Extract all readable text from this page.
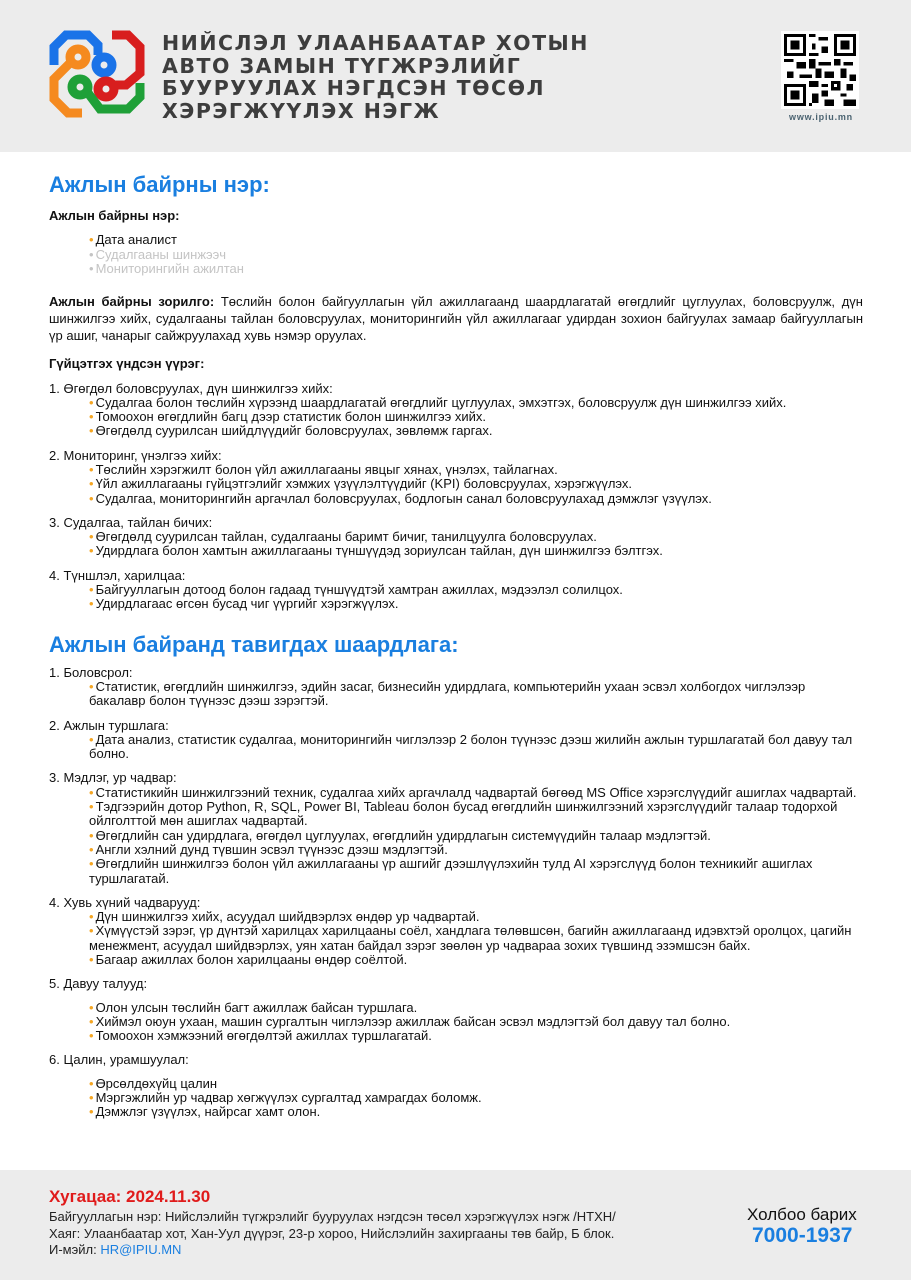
НИЙСЛЭЛ УЛААНБААТАР ХОТЫН
АВТО ЗАМЫН ТҮГЖРЭЛИЙГ
БУУРУУЛАХ НЭГДСЭН ТӨСӨЛ
ХЭРЭГЖҮҮЛЭХ НЭГЖ	www.ipiu.mn
Ажлын байрны нэр:
Ажлын байрны нэр:
• Дата аналист
• Судалгааны шинжээч
• Мониторингийн ажилтан
Ажлын байрны зорилго: Төслийн болон байгууллагын үйл ажиллагаанд шаардлагатай өгөгдлийг цуглуулах, боловсруулж, дүн шинжилгээ хийх, судалгааны тайлан боловсруулах, мониторингийн үйл ажиллагааг удирдан зохион байгуулах замаар байгууллагын үр ашиг, чанарыг сайжруулахад хувь нэмэр оруулах.
Гүйцэтгэх үндсэн үүрэг:
1. Өгөгдөл боловсруулах, дүн шинжилгээ хийх:
• Судалгаа болон төслийн хүрээнд шаардлагатай өгөгдлийг цуглуулах, эмхэтгэх, боловсруулж дүн шинжилгээ хийх.
• Томоохон өгөгдлийн багц дээр статистик болон шинжилгээ хийх.
• Өгөгдөлд суурилсан шийдлүүдийг боловсруулах, зөвлөмж гаргах.
2. Мониторинг, үнэлгээ хийх:
• Төслийн хэрэгжилт болон үйл ажиллагааны явцыг хянах, үнэлэх, тайлагнах.
• Үйл ажиллагааны гүйцэтгэлийг хэмжих үзүүлэлтүүдийг (KPI) боловсруулах, хэрэгжүүлэх.
• Судалгаа, мониторингийн аргачлал боловсруулах, бодлогын санал боловсруулахад дэмжлэг үзүүлэх.
3. Судалгаа, тайлан бичих:
• Өгөгдөлд суурилсан тайлан, судалгааны баримт бичиг, танилцуулга боловсруулах.
• Удирдлага болон хамтын ажиллагааны түншүүдэд зориулсан тайлан, дүн шинжилгээ бэлтгэх.
4. Түншлэл, харилцаа:
• Байгууллагын дотоод болон гадаад түншүүдтэй хамтран ажиллах, мэдээлэл солилцох.
• Удирдлагаас өгсөн бусад чиг үүргийг хэрэгжүүлэх.
Ажлын байранд тавигдах шаардлага:
1. Боловсрол:
• Статистик, өгөгдлийн шинжилгээ, эдийн засаг, бизнесийн удирдлага, компьютерийн ухаан эсвэл холбогдох чиглэлээр бакалавр болон түүнээс дээш зэрэгтэй.
2. Ажлын туршлага:
• Дата анализ, статистик судалгаа, мониторингийн чиглэлээр 2 болон түүнээс дээш жилийн ажлын туршлагатай бол давуу тал болно.
3. Мэдлэг, ур чадвар:
• Статистикийн шинжилгээний техник, судалгаа хийх аргачлалд чадвартай бөгөөд MS Office хэрэгслүүдийг ашиглах чадвартай.
• Тэдгээрийн дотор Python, R, SQL, Power BI, Tableau болон бусад өгөгдлийн шинжилгээний хэрэгслүүдийг талаар тодорхой ойлголттой мөн ашиглах чадвартай.
• Өгөгдлийн сан удирдлага, өгөгдөл цуглуулах, өгөгдлийн удирдлагын системүүдийн талаар мэдлэгтэй.
• Англи хэлний дунд түвшин эсвэл түүнээс дээш мэдлэгтэй.
• Өгөгдлийн шинжилгээ болон үйл ажиллагааны үр ашгийг дээшлүүлэхийн тулд AI хэрэгслүүд болон техникийг ашиглах туршлагатай.
4. Хувь хүний чадварууд:
• Дүн шинжилгээ хийх, асуудал шийдвэрлэх өндөр ур чадвартай.
• Хүмүүстэй зэрэг, үр дүнтэй харилцах харилцааны соёл, хандлага төлөвшсөн, багийн ажиллагаанд идэвхтэй оролцох, цагийн менежмент, асуудал шийдвэрлэх, уян хатан байдал зэрэг зөөлөн ур чадвараа зохих түвшинд эзэмшсэн байх.
• Багаар ажиллах болон харилцааны өндөр соёлтой.
5. Давуу талууд:
• Олон улсын төслийн багт ажиллаж байсан туршлага.
• Хиймэл оюун ухаан, машин сургалтын чиглэлээр ажиллаж байсан эсвэл мэдлэгтэй бол давуу тал болно.
• Томоохон хэмжээний өгөгдөлтэй ажиллах туршлагатай.
6. Цалин, урамшуулал:
• Өрсөлдөхүйц цалин
• Мэргэжлийн ур чадвар хөгжүүлэх сургалтад хамрагдах боломж.
• Дэмжлэг үзүүлэх, найрсаг хамт олон.
Хугацаа: 2024.11.30
Байгууллагын нэр: Нийслэлийн түгжрэлийг бууруулах нэгдсэн төсөл хэрэгжүүлэх нэгж /НТХН/
Хаяг: Улаанбаатар хот, Хан-Уул дүүрэг, 23-р хороо, Нийслэлийн захиргааны төв байр, Б блок.
И-мэйл: HR@IPIU.MN
Холбоо барих
7000-1937
